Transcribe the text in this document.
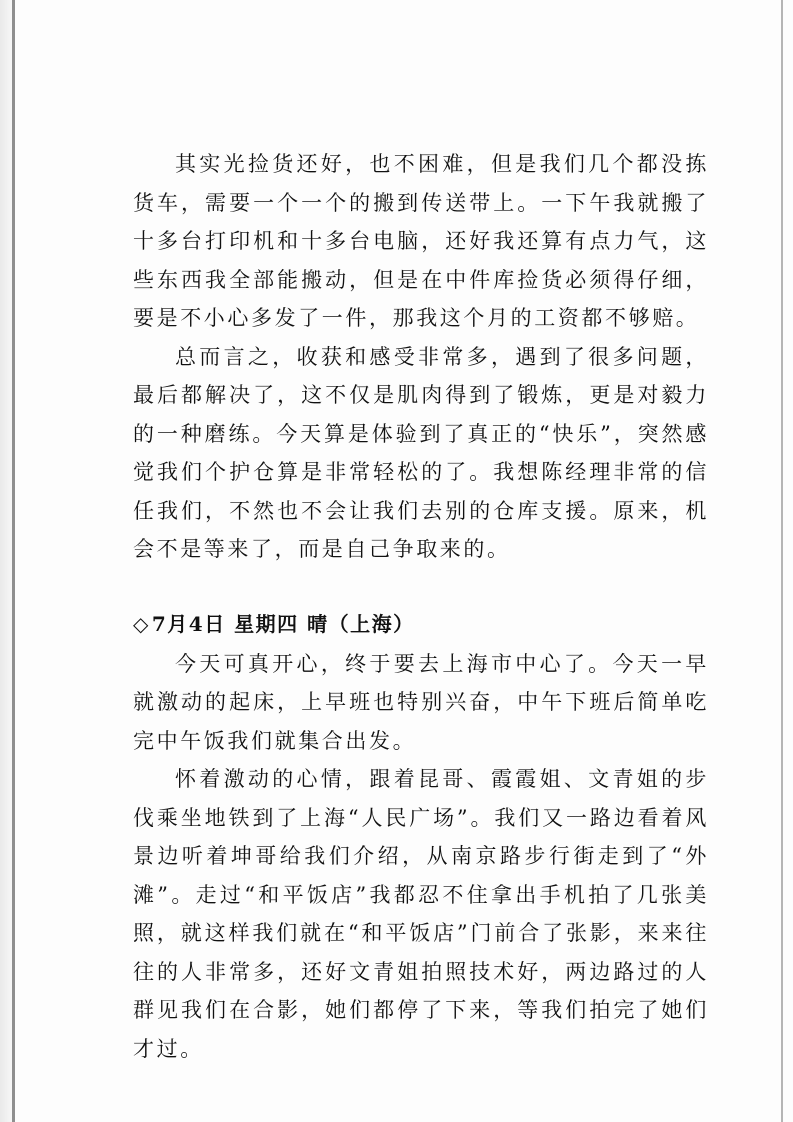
其实光捡货还好，也不困难，但是我们几个都没拣货车，需要一个一个的搬到传送带上。一下午我就搬了十多台打印机和十多台电脑，还好我还算有点力气，这些东西我全部能搬动，但是在中件库捡货必须得仔细，要是不小心多发了一件，那我这个月的工资都不够赔。

总而言之，收获和感受非常多，遇到了很多问题，最后都解决了，这不仅是肌肉得到了锻炼，更是对毅力的一种磨练。今天算是体验到了真正的“快乐”，突然感觉我们个护仓算是非常轻松的了。我想陈经理非常的信任我们，不然也不会让我们去别的仓库支援。原来，机会不是等来了，而是自己争取来的。

◇ 7月4日 星期四 晴（上海）

今天可真开心，终于要去上海市中心了。今天一早就激动的起床，上早班也特别兴奋，中午下班后简单吃完中午饭我们就集合出发。

怀着激动的心情，跟着昆哥、霞霞姐、文青姐的步伐乘坐地铁到了上海“人民广场”。我们又一路边看着风景边听着坤哥给我们介绍，从南京路步行街走到了“外滩”。走过“和平饭店”我都忍不住拿出手机拍了几张美照，就这样我们就在“和平饭店”门前合了张影，来来往往的人非常多，还好文青姐拍照技术好，两边路过的人群见我们在合影，她们都停了下来，等我们拍完了她们才过。
